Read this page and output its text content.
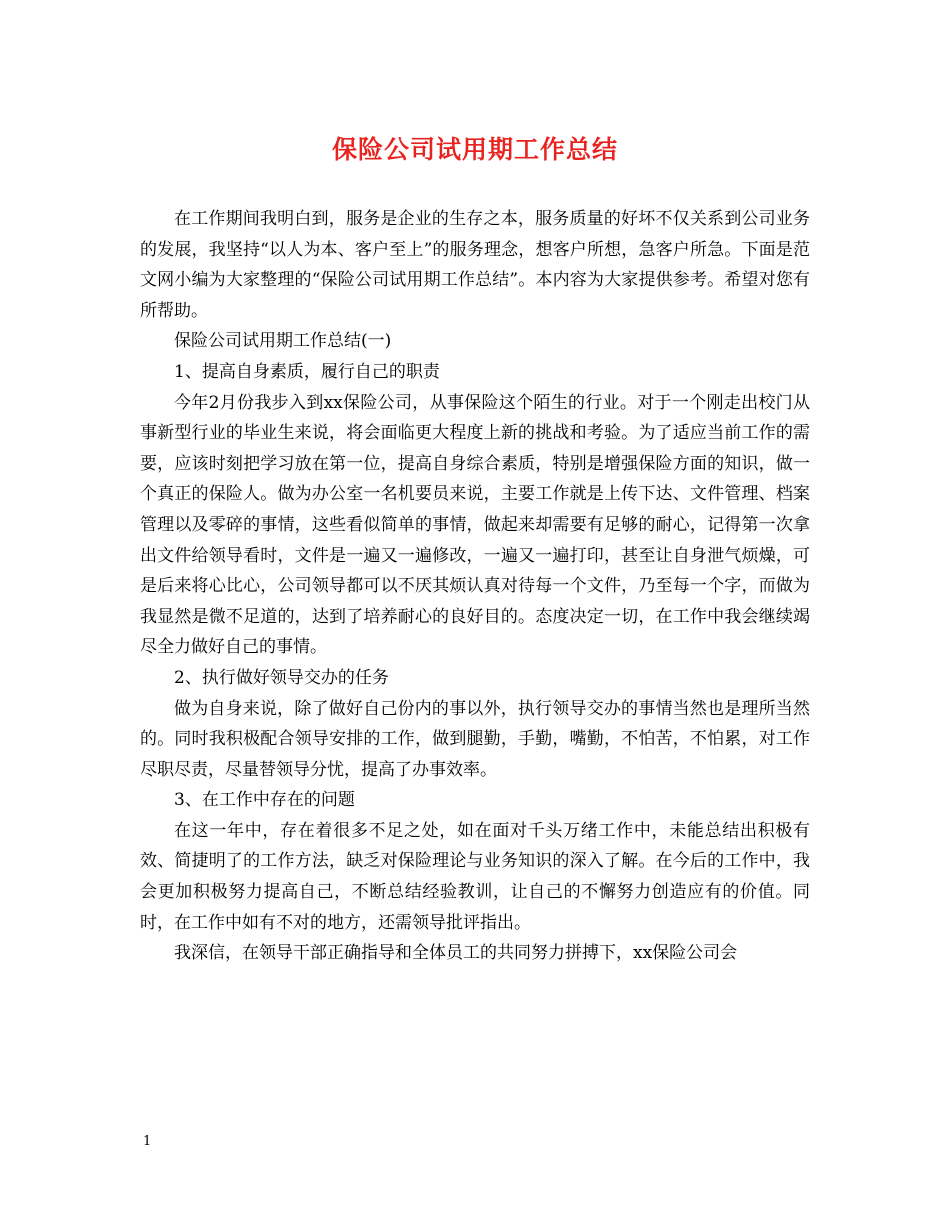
保险公司试用期工作总结

在工作期间我明白到，服务是企业的生存之本，服务质量的好坏不仅关系到公司业务的发展，我坚持“以人为本、客户至上”的服务理念，想客户所想，急客户所急。下面是范文网小编为大家整理的“保险公司试用期工作总结”。本内容为大家提供参考。希望对您有所帮助。

保险公司试用期工作总结(一)

1、提高自身素质，履行自己的职责

今年2月份我步入到xx保险公司，从事保险这个陌生的行业。对于一个刚走出校门从事新型行业的毕业生来说，将会面临更大程度上新的挑战和考验。为了适应当前工作的需要，应该时刻把学习放在第一位，提高自身综合素质，特别是增强保险方面的知识，做一个真正的保险人。做为办公室一名机要员来说，主要工作就是上传下达、文件管理、档案管理以及零碎的事情，这些看似简单的事情，做起来却需要有足够的耐心，记得第一次拿出文件给领导看时，文件是一遍又一遍修改，一遍又一遍打印，甚至让自身泄气烦燥，可是后来将心比心，公司领导都可以不厌其烦认真对待每一个文件，乃至每一个字，而做为我显然是微不足道的，达到了培养耐心的良好目的。态度决定一切，在工作中我会继续竭尽全力做好自己的事情。

2、执行做好领导交办的任务

做为自身来说，除了做好自己份内的事以外，执行领导交办的事情当然也是理所当然的。同时我积极配合领导安排的工作，做到腿勤，手勤，嘴勤，不怕苦，不怕累，对工作尽职尽责，尽量替领导分忧，提高了办事效率。

3、在工作中存在的问题

在这一年中，存在着很多不足之处，如在面对千头万绪工作中，未能总结出积极有效、简捷明了的工作方法，缺乏对保险理论与业务知识的深入了解。在今后的工作中，我会更加积极努力提高自己，不断总结经验教训，让自己的不懈努力创造应有的价值。同时，在工作中如有不对的地方，还需领导批评指出。

我深信，在领导干部正确指导和全体员工的共同努力拼搏下，xx保险公司会

1
